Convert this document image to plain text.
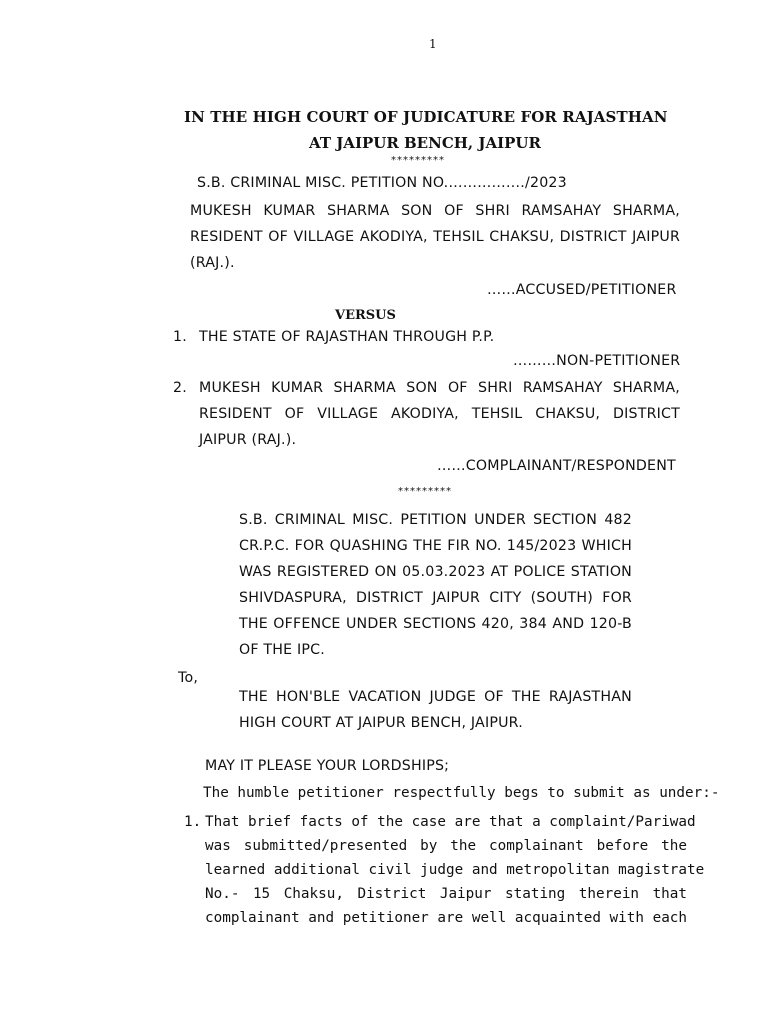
1
IN THE HIGH COURT OF JUDICATURE FOR RAJASTHAN
AT JAIPUR BENCH, JAIPUR
*********
S.B. CRIMINAL MISC. PETITION NO.……………./2023
MUKESH KUMAR SHARMA SON OF SHRI RAMSAHAY SHARMA,
RESIDENT OF VILLAGE AKODIYA, TEHSIL CHAKSU, DISTRICT JAIPUR
(RAJ.).
……ACCUSED/PETITIONER
VERSUS
1. THE STATE OF RAJASTHAN THROUGH P.P.
………NON-PETITIONER
2. MUKESH KUMAR SHARMA SON OF SHRI RAMSAHAY SHARMA,
RESIDENT OF VILLAGE AKODIYA, TEHSIL CHAKSU, DISTRICT
JAIPUR (RAJ.).
……COMPLAINANT/RESPONDENT
*********
S.B. CRIMINAL MISC. PETITION UNDER SECTION 482
CR.P.C. FOR QUASHING THE FIR NO. 145/2023 WHICH
WAS REGISTERED ON 05.03.2023 AT POLICE STATION
SHIVDASPURA, DISTRICT JAIPUR CITY (SOUTH) FOR
THE OFFENCE UNDER SECTIONS 420, 384 AND 120-B
OF THE IPC.
To,
THE HON'BLE VACATION JUDGE OF THE RAJASTHAN
HIGH COURT AT JAIPUR BENCH, JAIPUR.
MAY IT PLEASE YOUR LORDSHIPS;
The humble petitioner respectfully begs to submit as under:-
1. That brief facts of the case are that a complaint/Pariwad
was submitted/presented by the complainant before the
learned additional civil judge and metropolitan magistrate
No.- 15 Chaksu, District Jaipur stating therein that
complainant and petitioner are well acquainted with each
